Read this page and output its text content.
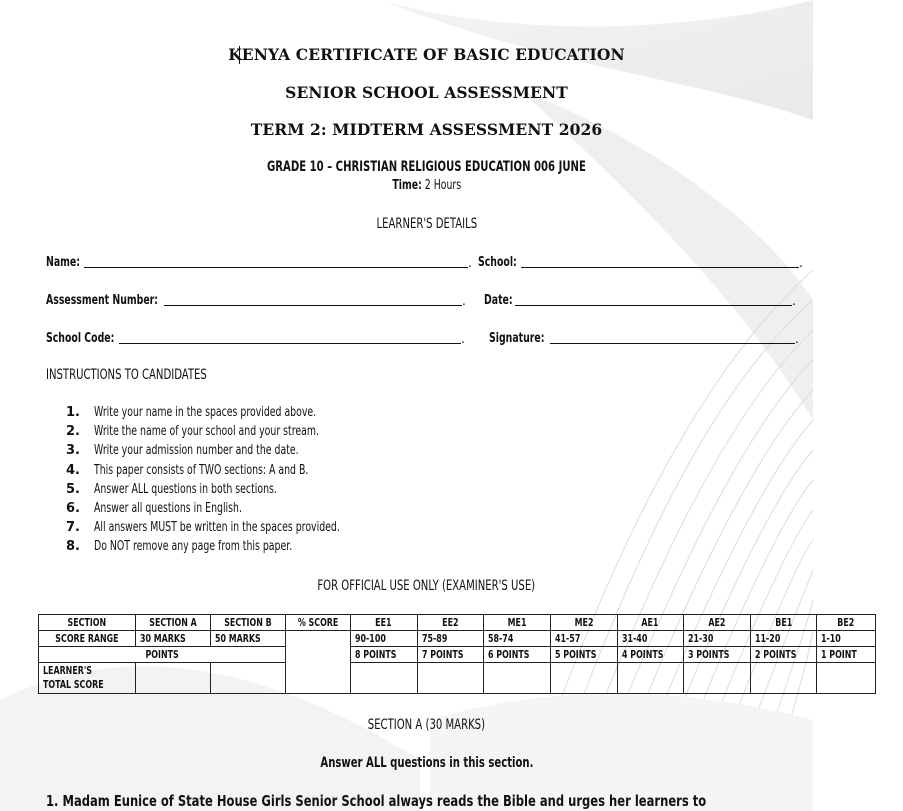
KENYA CERTIFICATE OF BASIC EDUCATION
SENIOR SCHOOL ASSESSMENT
TERM 2: MIDTERM ASSESSMENT 2026
GRADE 10 – CHRISTIAN RELIGIOUS EDUCATION 006 JUNE
Time: 2 Hours
LEARNER'S DETAILS
Name:	. School:	.
Assessment Number:	. Date:	.
School Code:	. Signature:	.
INSTRUCTIONS TO CANDIDATES
1.	Write your name in the spaces provided above.
2.	Write the name of your school and your stream.
3.	Write your admission number and the date.
4.	This paper consists of TWO sections: A and B.
5.	Answer ALL questions in both sections.
6.	Answer all questions in English.
7.	All answers MUST be written in the spaces provided.
8.	Do NOT remove any page from this paper.
FOR OFFICIAL USE ONLY (EXAMINER'S USE)
SECTION	SECTION A	SECTION B	% SCORE	EE1	EE2	ME1	ME2	AE1	AE2	BE1	BE2
SCORE RANGE	30 MARKS	50 MARKS		90-100	75-89	58-74	41-57	31-40	21-30	11-20	1-10
POINTS				8 POINTS	7 POINTS	6 POINTS	5 POINTS	4 POINTS	3 POINTS	2 POINTS	1 POINT
LEARNER'S
TOTAL SCORE											
SECTION A (30 MARKS)
Answer ALL questions in this section.
1. Madam Eunice of State House Girls Senior School always reads the Bible and urges her learners to
